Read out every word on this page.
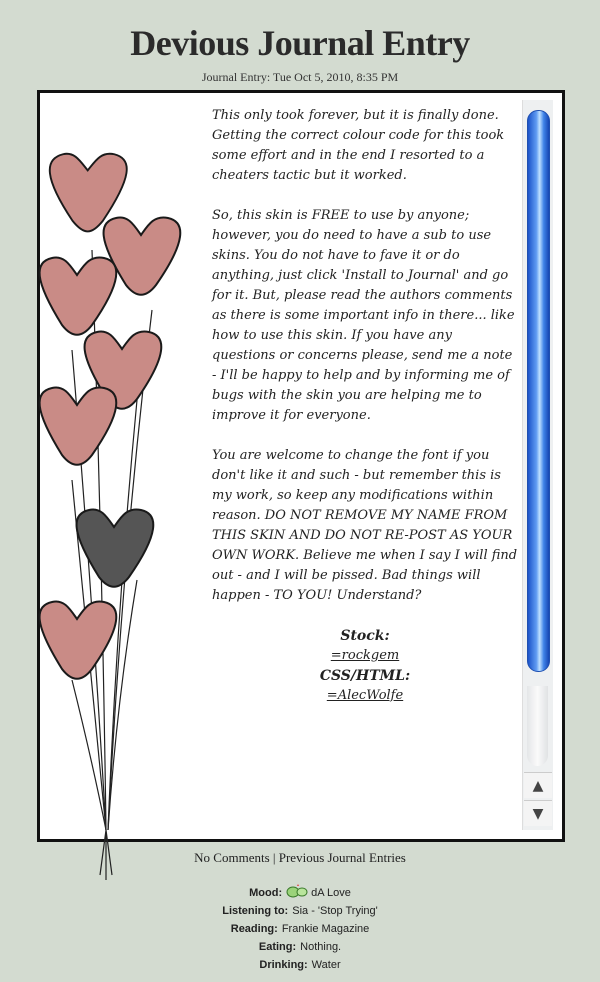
Devious Journal Entry
Journal Entry: Tue Oct 5, 2010, 8:35 PM

This only took forever, but it is finally done. Getting the correct colour code for this took some effort and in the end I resorted to a cheaters tactic but it worked.

So, this skin is FREE to use by anyone; however, you do need to have a sub to use skins. You do not have to fave it or do anything, just click 'Install to Journal' and go for it. But, please read the authors comments as there is some important info in there... like how to use this skin. If you have any questions or concerns please, send me a note - I'll be happy to help and by informing me of bugs with the skin you are helping me to improve it for everyone.

You are welcome to change the font if you don't like it and such - but remember this is my work, so keep any modifications within reason. DO NOT REMOVE MY NAME FROM THIS SKIN AND DO NOT RE-POST AS YOUR OWN WORK. Believe me when I say I will find out - and I will be pissed. Bad things will happen - TO YOU! Understand?

Stock:
=rockgem
CSS/HTML:
=AlecWolfe
▲
▼
No Comments | Previous Journal Entries
Mood:	dA Love
Listening to: Sia - 'Stop Trying'
Reading: Frankie Magazine
Eating: Nothing.
Drinking: Water
